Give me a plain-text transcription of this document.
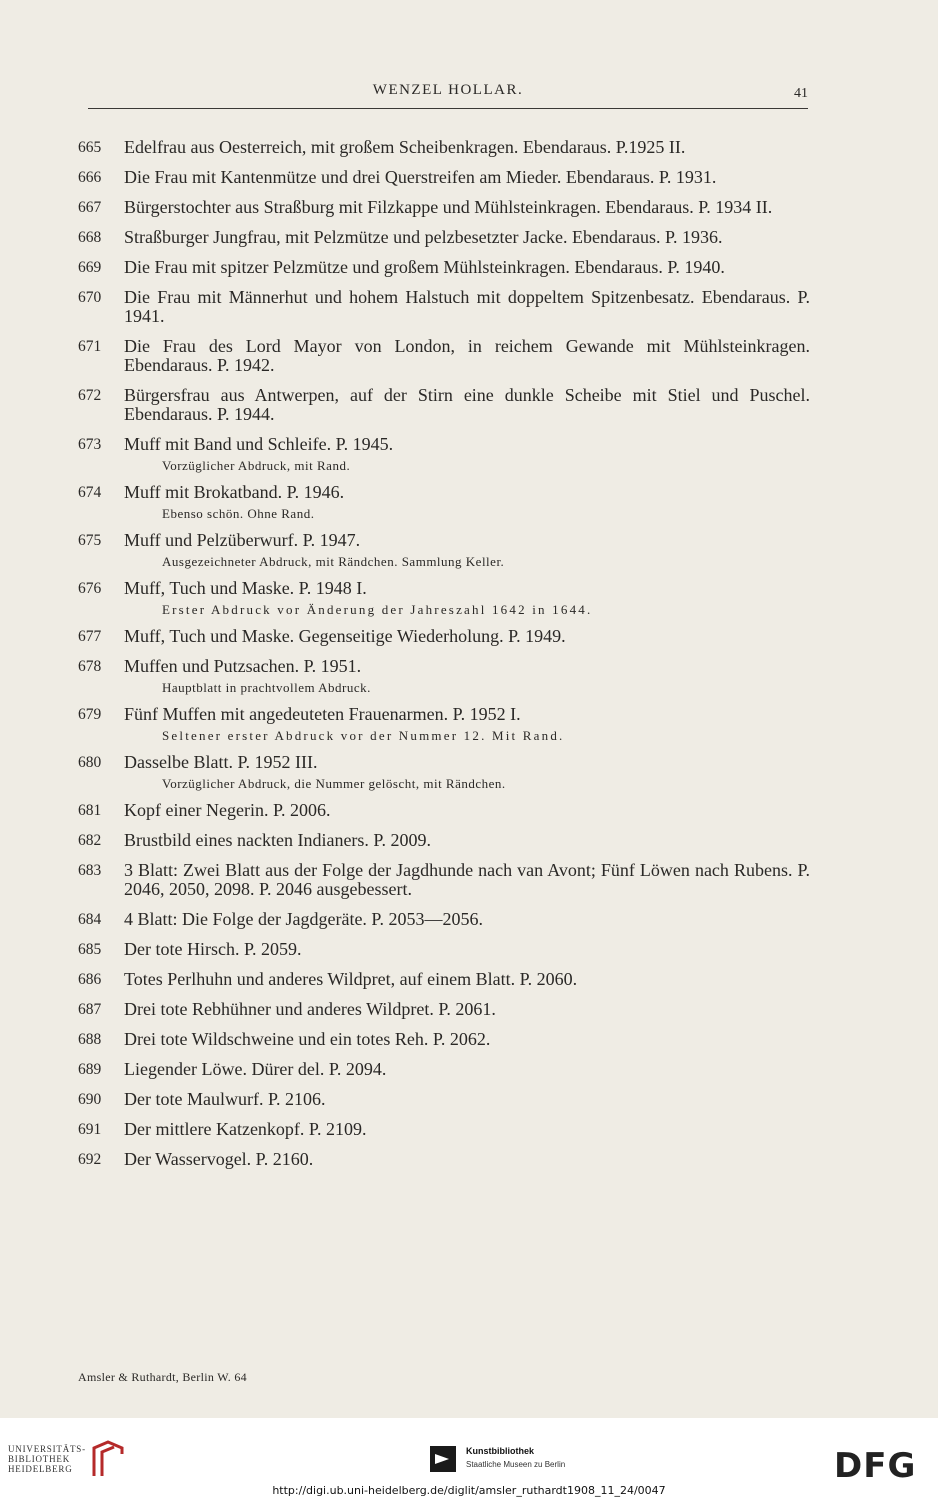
WENZEL HOLLAR.	41
665	Edelfrau aus Oesterreich, mit großem Scheibenkragen. Ebendaraus. P.1925 II.
666	Die Frau mit Kantenmütze und drei Querstreifen am Mieder. Ebendaraus. P. 1931.
667	Bürgerstochter aus Straßburg mit Filzkappe und Mühlsteinkragen. Ebendaraus. P. 1934 II.
668	Straßburger Jungfrau, mit Pelzmütze und pelzbesetzter Jacke. Ebendaraus. P. 1936.
669	Die Frau mit spitzer Pelzmütze und großem Mühlsteinkragen. Ebendaraus. P. 1940.
670	Die Frau mit Männerhut und hohem Halstuch mit doppeltem Spitzenbesatz. Ebendaraus. P. 1941.
671	Die Frau des Lord Mayor von London, in reichem Gewande mit Mühlsteinkragen. Ebendaraus. P. 1942.
672	Bürgersfrau aus Antwerpen, auf der Stirn eine dunkle Scheibe mit Stiel und Puschel. Ebendaraus. P. 1944.
673	Muff mit Band und Schleife. P. 1945.
Vorzüglicher Abdruck, mit Rand.
674	Muff mit Brokatband. P. 1946.
Ebenso schön. Ohne Rand.
675	Muff und Pelzüberwurf. P. 1947.
Ausgezeichneter Abdruck, mit Rändchen. Sammlung Keller.
676	Muff, Tuch und Maske. P. 1948 I.
Erster Abdruck vor Änderung der Jahreszahl 1642 in 1644.
677	Muff, Tuch und Maske. Gegenseitige Wiederholung. P. 1949.
678	Muffen und Putzsachen. P. 1951.
Hauptblatt in prachtvollem Abdruck.
679	Fünf Muffen mit angedeuteten Frauenarmen. P. 1952 I.
Seltener erster Abdruck vor der Nummer 12. Mit Rand.
680	Dasselbe Blatt. P. 1952 III.
Vorzüglicher Abdruck, die Nummer gelöscht, mit Rändchen.
681	Kopf einer Negerin. P. 2006.
682	Brustbild eines nackten Indianers. P. 2009.
683	3 Blatt: Zwei Blatt aus der Folge der Jagdhunde nach van Avont; Fünf Löwen nach Rubens. P. 2046, 2050, 2098. P. 2046 ausgebessert.
684	4 Blatt: Die Folge der Jagdgeräte. P. 2053—2056.
685	Der tote Hirsch. P. 2059.
686	Totes Perlhuhn und anderes Wildpret, auf einem Blatt. P. 2060.
687	Drei tote Rebhühner und anderes Wildpret. P. 2061.
688	Drei tote Wildschweine und ein totes Reh. P. 2062.
689	Liegender Löwe. Dürer del. P. 2094.
690	Der tote Maulwurf. P. 2106.
691	Der mittlere Katzenkopf. P. 2109.
692	Der Wasservogel. P. 2160.
Amsler & Ruthardt, Berlin W. 64
UNIVERSITÄTS-
BIBLIOTHEK
HEIDELBERG
Kunstbibliothek
Staatliche Museen zu Berlin	DFG
http://digi.ub.uni-heidelberg.de/diglit/amsler_ruthardt1908_11_24/0047
